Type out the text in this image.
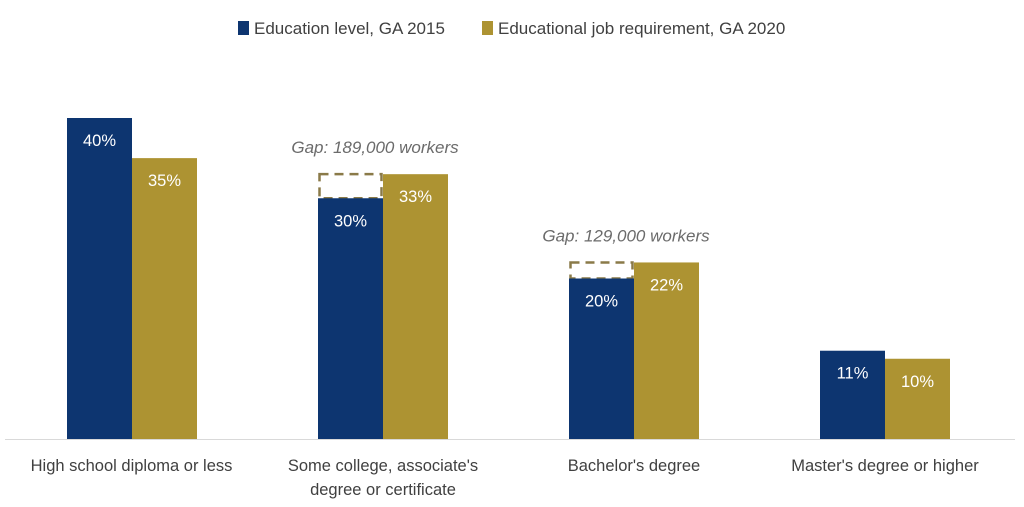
Education level, GA 2015	Educational job requirement, GA 2020
Gap: 189,000 workers
Gap: 129,000 workers
40%
35%
30%
33%
20%
22%
11% 10%
High school diploma or less	Some college, associate's
degree or certificate
Bachelor's degree	Master's degree or higher
